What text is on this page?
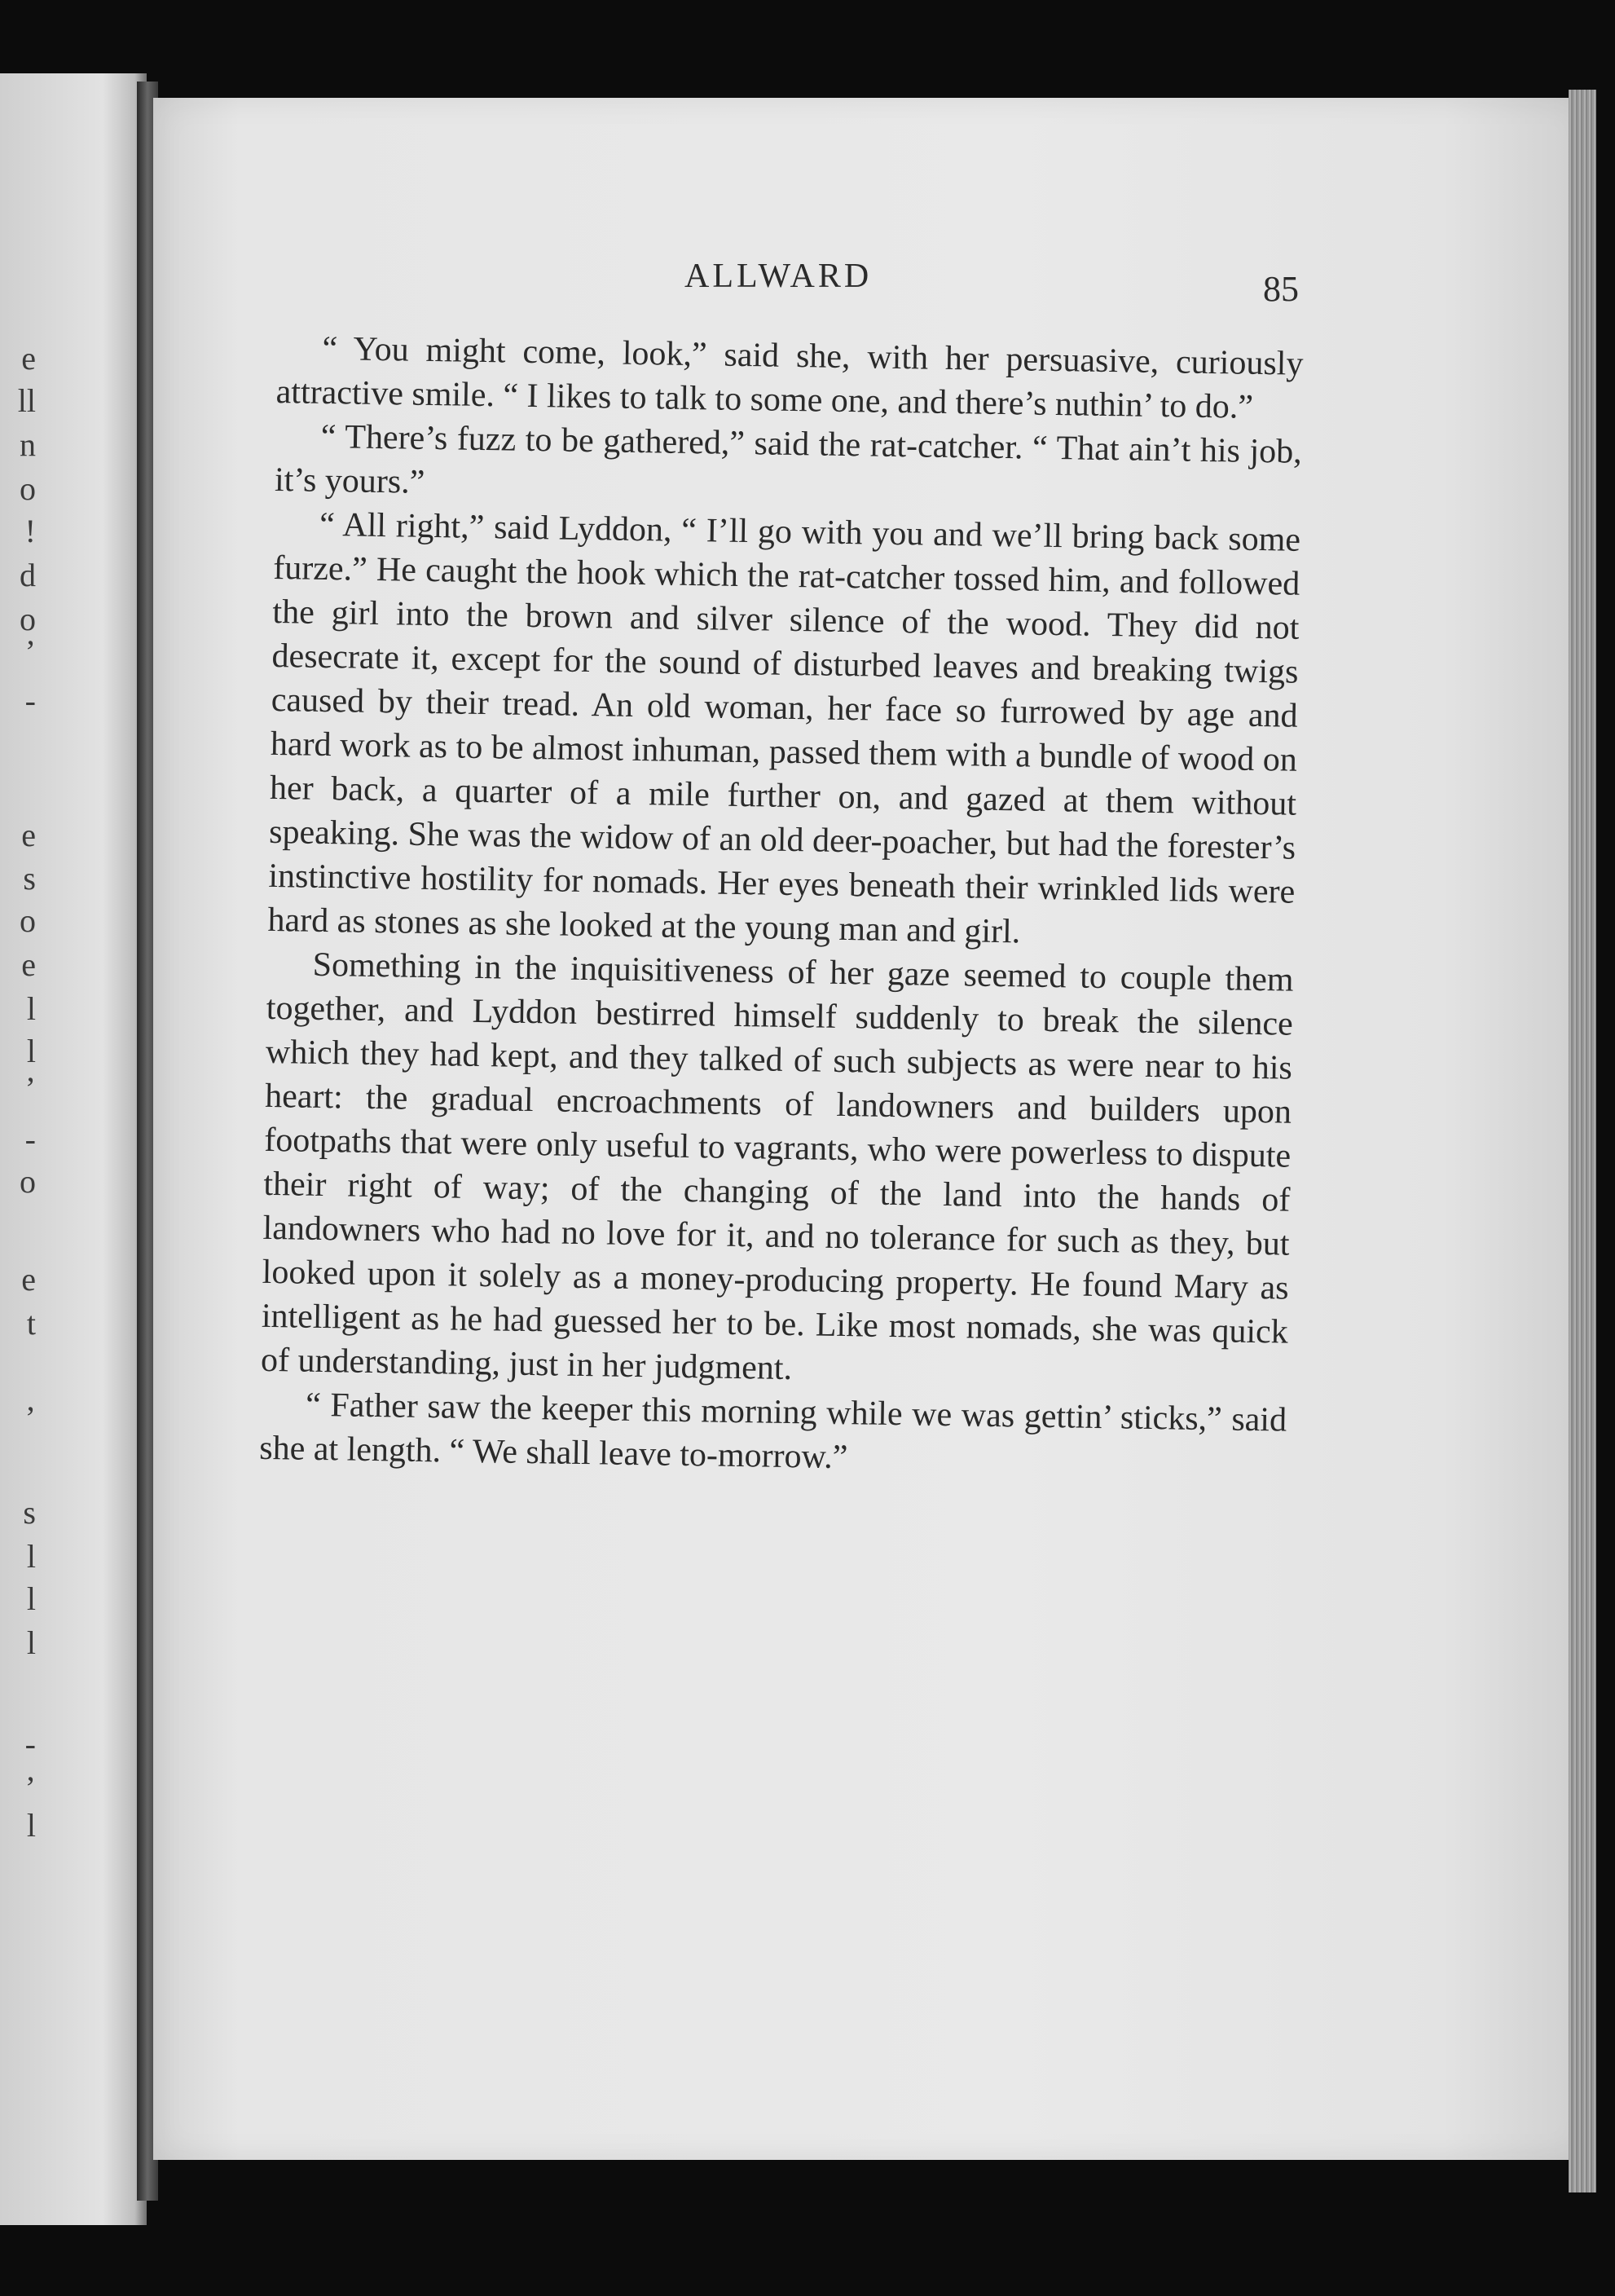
e
ll
n
o
!
d
o
’
-
e
s
o
e
l
l
’
-
o
e
t
’
s
l
l
l
-
’
l
ALLWARD	85

“ You might come, look,” said she, with her persuasive, curiously attractive smile. “ I likes to talk to some one, and there’s nuthin’ to do.”

“ There’s fuzz to be gathered,” said the rat-catcher. “ That ain’t his job, it’s yours.”

“ All right,” said Lyddon, “ I’ll go with you and we’ll bring back some furze.” He caught the hook which the rat-catcher tossed him, and followed the girl into the brown and silver silence of the wood. They did not desecrate it, except for the sound of disturbed leaves and breaking twigs caused by their tread. An old woman, her face so furrowed by age and hard work as to be almost inhuman, passed them with a bundle of wood on her back, a quarter of a mile further on, and gazed at them without speaking. She was the widow of an old deer-poacher, but had the forester’s instinctive hostility for nomads. Her eyes beneath their wrinkled lids were hard as stones as she looked at the young man and girl.

Something in the inquisitiveness of her gaze seemed to couple them together, and Lyddon bestirred himself suddenly to break the silence which they had kept, and they talked of such subjects as were near to his heart: the gradual encroachments of landowners and builders upon footpaths that were only useful to vagrants, who were powerless to dispute their right of way; of the changing of the land into the hands of landowners who had no love for it, and no tolerance for such as they, but looked upon it solely as a money-producing property. He found Mary as intelligent as he had guessed her to be. Like most nomads, she was quick of understanding, just in her judgment.

“ Father saw the keeper this morning while we was gettin’ sticks,” said she at length. “ We shall leave to-morrow.”
